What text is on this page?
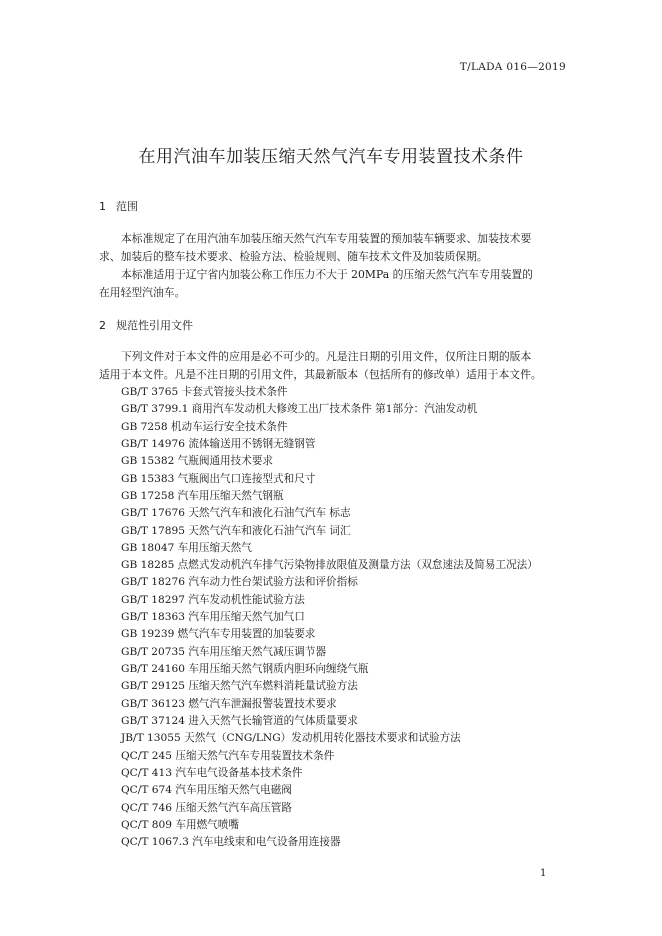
T/LADA 016—2019
在用汽油车加装压缩天然气汽车专用装置技术条件
1 范围
本标准规定了在用汽油车加装压缩天然气汽车专用装置的预加装车辆要求、加装技术要
求、加装后的整车技术要求、检验方法、检验规则、随车技术文件及加装质保期。
本标准适用于辽宁省内加装公称工作压力不大于 20MPa 的压缩天然气汽车专用装置的
在用轻型汽油车。
2 规范性引用文件
下列文件对于本文件的应用是必不可少的。凡是注日期的引用文件，仅所注日期的版本
适用于本文件。凡是不注日期的引用文件，其最新版本（包括所有的修改单）适用于本文件。
GB/T 3765 卡套式管接头技术条件
GB/T 3799.1 商用汽车发动机大修竣工出厂技术条件 第1部分：汽油发动机
GB 7258 机动车运行安全技术条件
GB/T 14976 流体输送用不锈钢无缝钢管
GB 15382 气瓶阀通用技术要求
GB 15383 气瓶阀出气口连接型式和尺寸
GB 17258 汽车用压缩天然气钢瓶
GB/T 17676 天然气汽车和液化石油气汽车 标志
GB/T 17895 天然气汽车和液化石油气汽车 词汇
GB 18047 车用压缩天然气
GB 18285 点燃式发动机汽车排气污染物排放限值及测量方法（双怠速法及简易工况法）
GB/T 18276 汽车动力性台架试验方法和评价指标
GB/T 18297 汽车发动机性能试验方法
GB/T 18363 汽车用压缩天然气加气口
GB 19239 燃气汽车专用装置的加装要求
GB/T 20735 汽车用压缩天然气减压调节器
GB/T 24160 车用压缩天然气钢质内胆环向缠绕气瓶
GB/T 29125 压缩天然气汽车燃料消耗量试验方法
GB/T 36123 燃气汽车泄漏报警装置技术要求
GB/T 37124 进入天然气长输管道的气体质量要求
JB/T 13055 天然气（CNG/LNG）发动机用转化器技术要求和试验方法
QC/T 245 压缩天然气汽车专用装置技术条件
QC/T 413 汽车电气设备基本技术条件
QC/T 674 汽车用压缩天然气电磁阀
QC/T 746 压缩天然气汽车高压管路
QC/T 809 车用燃气喷嘴
QC/T 1067.3 汽车电线束和电气设备用连接器
1
